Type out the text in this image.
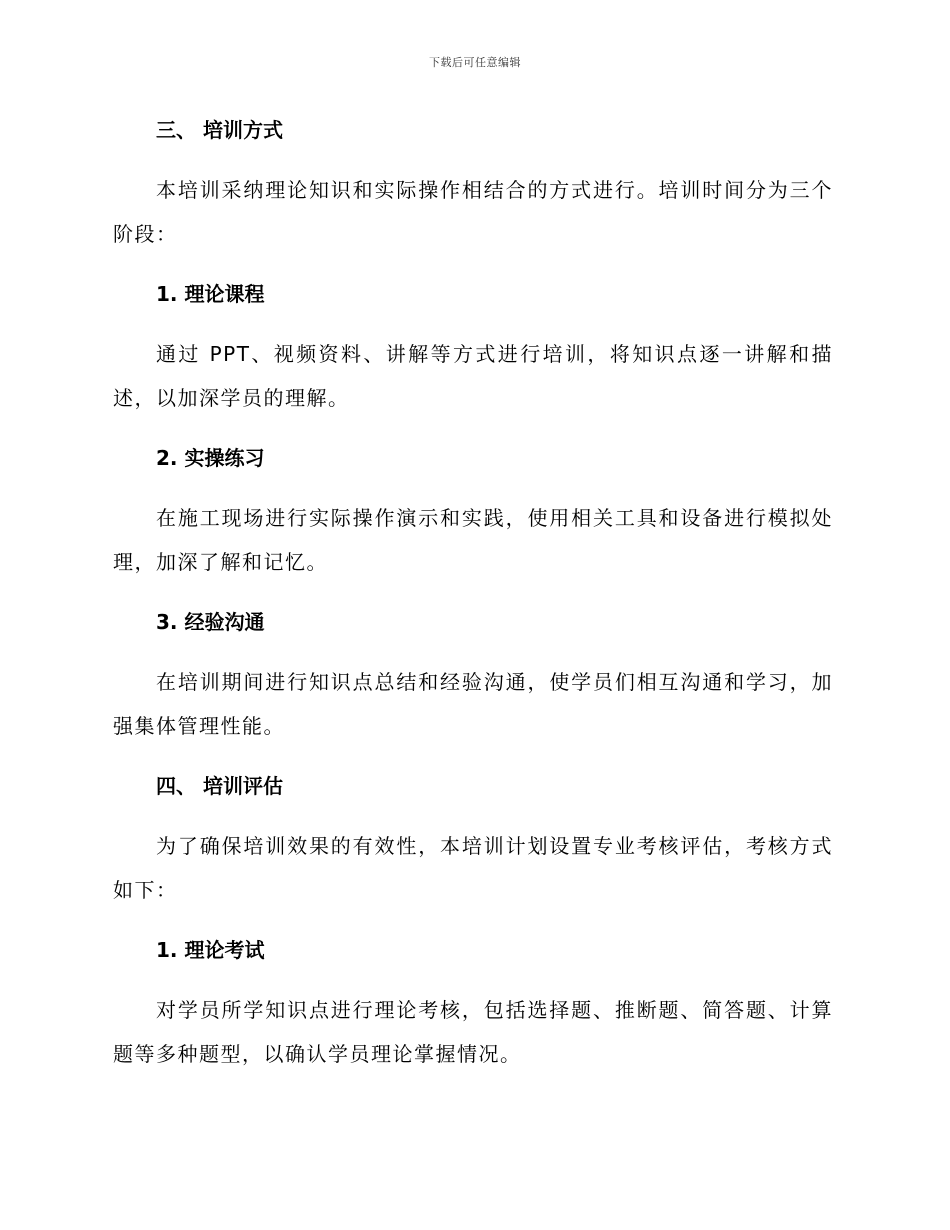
下载后可任意编辑
三、 培训方式
本培训采纳理论知识和实际操作相结合的方式进行。培训时间分为三个阶段：
1. 理论课程
通过 PPT、视频资料、讲解等方式进行培训，将知识点逐一讲解和描述，以加深学员的理解。
2. 实操练习
在施工现场进行实际操作演示和实践，使用相关工具和设备进行模拟处理，加深了解和记忆。
3. 经验沟通
在培训期间进行知识点总结和经验沟通，使学员们相互沟通和学习，加强集体管理性能。
四、 培训评估
为了确保培训效果的有效性，本培训计划设置专业考核评估，考核方式如下：
1. 理论考试
对学员所学知识点进行理论考核，包括选择题、推断题、简答题、计算题等多种题型，以确认学员理论掌握情况。
